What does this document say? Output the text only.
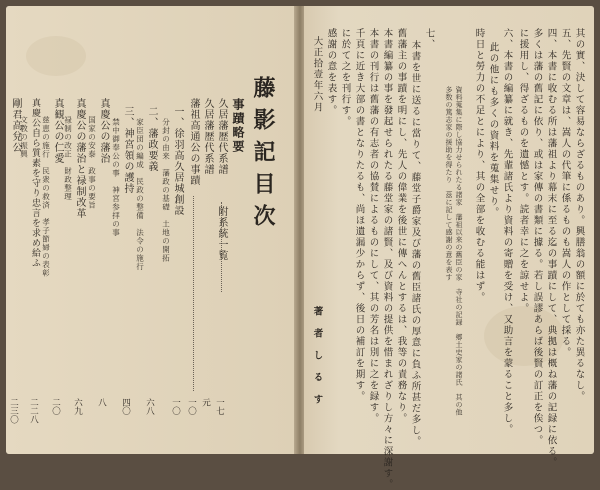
藤影記目次
事蹟略要
久居藩歴代系譜
一七
附系統一覧
久居藩歴代系譜
元
藩祖高通公の事蹟
一〇
一、徐羽高久居城創設
分封の由来　藩政の基礎　土地の開拓
一〇
二、藩政要義
家臣団の編成　民政の整備　法令の施行
六八
三、神宮領の護持
禁中御奉公の事　神宮参拝の事
四〇
真慶公の藩治
国家の安泰　政事の要旨
八
真慶公の藩治と禄制改革
禄制の改正　財政整理
六九
真観公の仁愛
慈恵の施行　民衆の救済　孝子節婦の表彰
二〇
真慶公自ら質素を守り忠言を求め給ふ
文教の振興
二二八
剛君高兌公
二三〇
其の實、決して容易ならざるものあり。興膳翁の額に於ても亦た異るなし。
五、先賢の文章は、嵩人の代筆に係るものも嵩人の作として採る。
四、本書に收むる所は藩祖より幕末に至る迄の事蹟にして、典拠は概ね藩の記録に依る。
多くは藩の舊記に依り、或は家傳の書類に據る。若し誤謬あらば後賢の訂正を俟つ。
に援用し、得ざるものを遺憾とす。読者幸に之を諒せよ。
六、本書の編纂に就き、先輩諸氏より資料の寄贈を受け、又助言を蒙ること多し。
此の他にも多くの資料を蒐集せり。
時日と勞力の不足とにより、其の全部を收むる能はず。
資料蒐集に際し協力せられたる諸家　藩祖以来の舊臣の家　寺社の記録　郷土史家の諸氏　其の他多数の篤志家の援助を得たり　茲に記して感謝の意を表す
七、
本書を世に送るに當りて、藤堂子爵家及び藩の舊臣諸氏の厚意に負ふ所甚だ多し。
舊藩主の事蹟を明にし、先人の偉業を後世に傳へんとするは、我等の責務なり。
本書編纂の事を發起せられたる藤堂家の諸賢、及び資料の提供を惜まれざりし方々に深謝す。
本書の刊行は舊藩の有志者の協賛によるものにして、其の芳名は別に之を録す。
千頁に近き大部の書となりたるも、尚ほ遺漏少からず、後日の補訂を期す。
に於て之を刊行す。
感謝の意を表す。
大正拾壹年六月
著　者　し　る　す
